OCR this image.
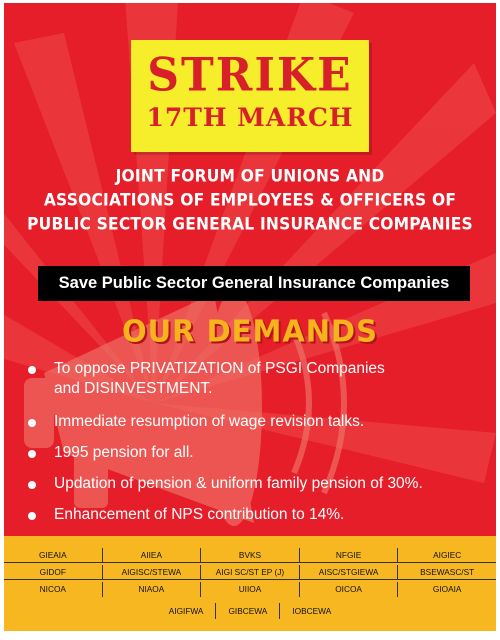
STRIKE
17TH MARCH
JOINT FORUM OF UNIONS AND
ASSOCIATIONS OF EMPLOYEES & OFFICERS OF
PUBLIC SECTOR GENERAL INSURANCE COMPANIES
Save Public Sector General Insurance Companies
OUR DEMANDS
To oppose PRIVATIZATION of PSGI Companies
and DISINVESTMENT.
Immediate resumption of wage revision talks.
1995 pension for all.
Updation of pension & uniform family pension of 30%.
Enhancement of NPS contribution to 14%.
GIEAIA	AIIEA	BVKS	NFGIE	AIGIEC
GIDOF	AIGISC/STEWA	AIGI SC/ST EP (J)	AISC/STGIEWA	BSEWASC/ST
NICOA	NIAOA	UIIOA	OICOA	GIOAIA
AIGIFWA	GIBCEWA	IOBCEWA
